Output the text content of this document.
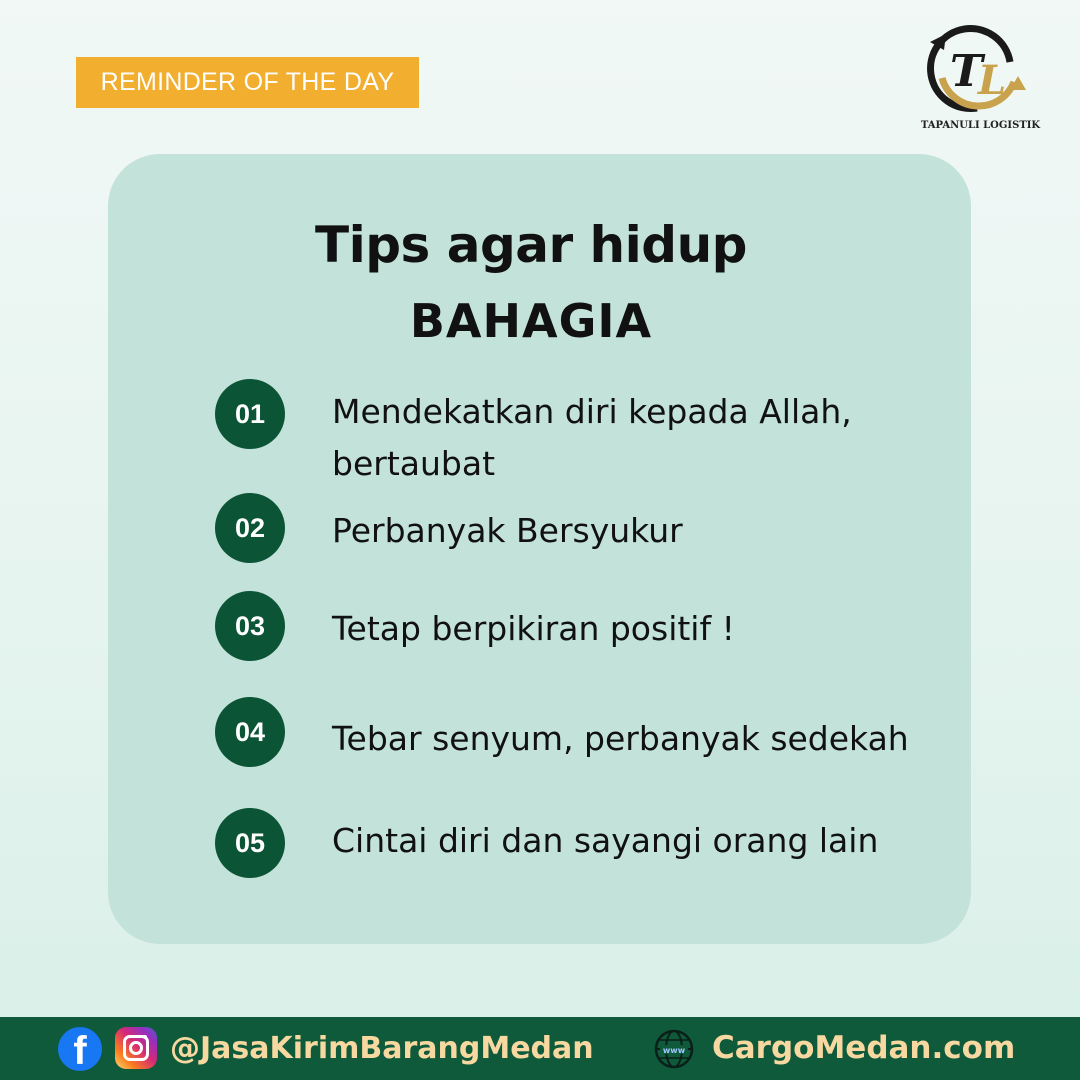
REMINDER OF THE DAY	T
L
TAPANULI LOGISTIK
Tips agar hidup
BAHAGIA
01	Mendekatkan diri kepada Allah, bertaubat
02	Perbanyak Bersyukur
03	Tetap berpikiran positif !
04	Tebar senyum, perbanyak sedekah
05	Cintai diri dan sayangi orang lain
f	@JasaKirimBarangMedan	www CargoMedan.com
